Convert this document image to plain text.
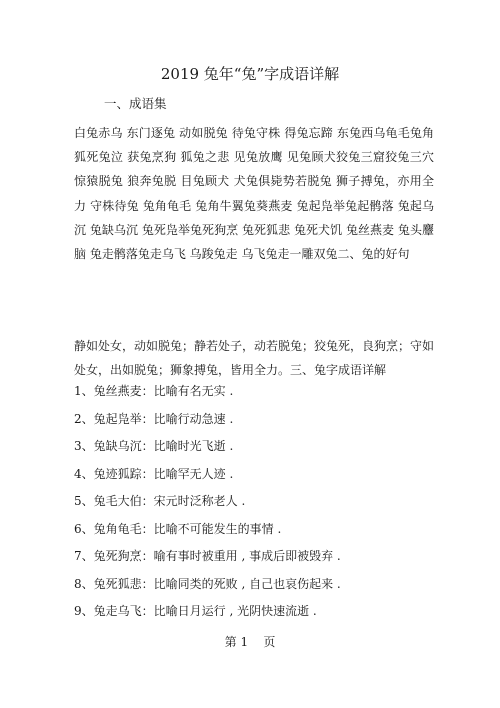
2019 兔年“兔”字成语详解
一、成语集

白兔赤乌 东门逐兔 动如脱兔 待兔守株 得兔忘蹄 东兔西乌龟毛兔角 狐死兔泣 获兔烹狗 狐兔之悲 见兔放鹰 见兔顾犬狡兔三窟狡兔三穴 惊猿脱兔 狼奔兔脱 目兔顾犬 犬兔俱毙势若脱兔 狮子搏兔，亦用全力 守株待兔 兔角龟毛 兔角牛翼兔葵燕麦 兔起凫举兔起鹘落 兔起乌沉 兔缺乌沉 兔死凫举兔死狗烹 兔死狐悲 兔死犬饥 兔丝燕麦 兔头麞脑 兔走鹘落兔走乌飞 乌踆兔走 乌飞兔走一雕双兔二、兔的好句

静如处女，动如脱兔；静若处子，动若脱兔；狡兔死，良狗烹；守如处女，出如脱兔；狮象搏兔，皆用全力。三、兔字成语详解

1、兔丝燕麦：比喻有名无实 .
2、兔起凫举：比喻行动急速 .
3、兔缺乌沉：比喻时光飞逝 .
4、兔迹狐踪：比喻罕无人迹 .
5、兔毛大伯：宋元时泛称老人 .
6、兔角龟毛：比喻不可能发生的事情 .
7、兔死狗烹：喻有事时被重用 , 事成后即被毁弃 .
8、兔死狐悲：比喻同类的死败 , 自己也哀伤起来 .
9、兔走乌飞：比喻日月运行 , 光阴快速流逝 .
第 1    页
